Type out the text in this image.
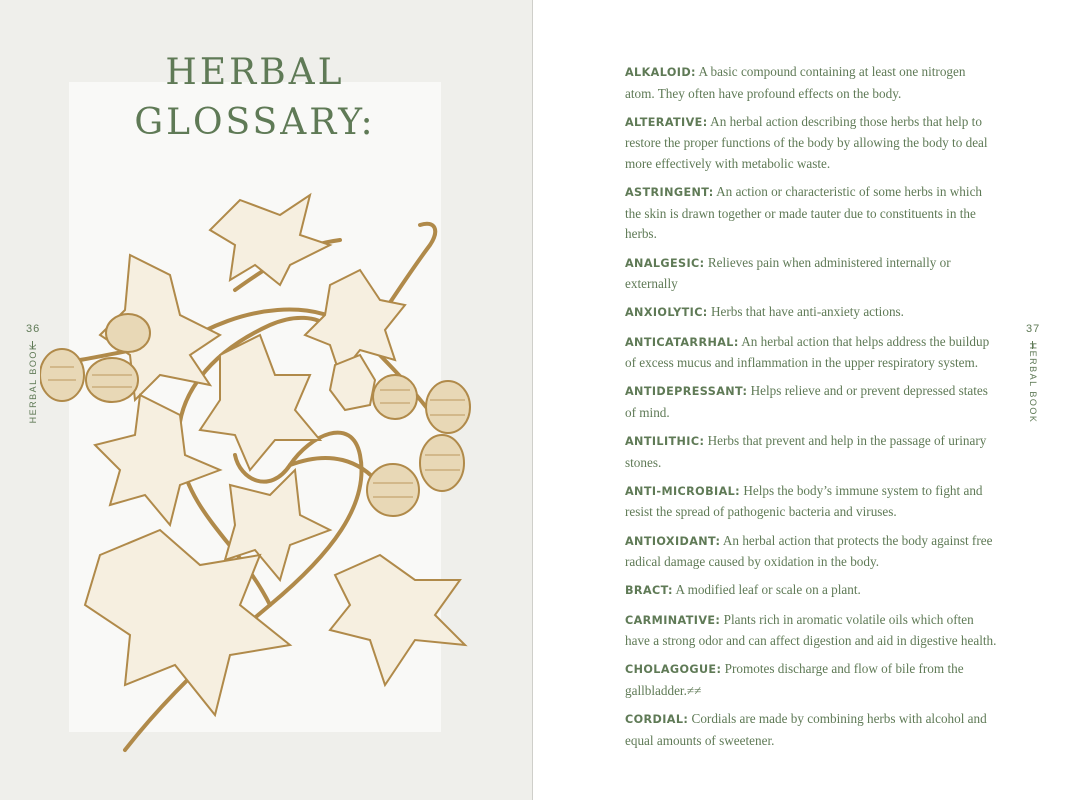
HERBAL
GLOSSARY:
36
HERBAL BOOK

ALKALOID: A basic compound containing at least one nitrogen atom. They often have profound effects on the body.

ALTERATIVE: An herbal action describing those herbs that help to restore the proper functions of the body by allowing the body to deal more effectively with metabolic waste.

ASTRINGENT: An action or characteristic of some herbs in which the skin is drawn together or made tauter due to constituents in the herbs.

ANALGESIC: Relieves pain when administered internally or externally

ANXIOLYTIC: Herbs that have anti-anxiety actions.

ANTICATARRHAL: An herbal action that helps address the buildup of excess mucus and inflammation in the upper respiratory system.

ANTIDEPRESSANT: Helps relieve and or prevent depressed states of mind.

ANTILITHIC: Herbs that prevent and help in the passage of urinary stones.

ANTI-MICROBIAL: Helps the body’s immune system to fight and resist the spread of pathogenic bacteria and viruses.

ANTIOXIDANT: An herbal action that protects the body against free radical damage caused by oxidation in the body.

BRACT: A modified leaf or scale on a plant.

CARMINATIVE: Plants rich in aromatic volatile oils which often have a strong odor and can affect digestion and aid in digestive health.

CHOLAGOGUE: Promotes discharge and flow of bile from the gallbladder.≠≠

CORDIAL: Cordials are made by combining herbs with alcohol and equal amounts of sweetener.

37
HERBAL BOOK
